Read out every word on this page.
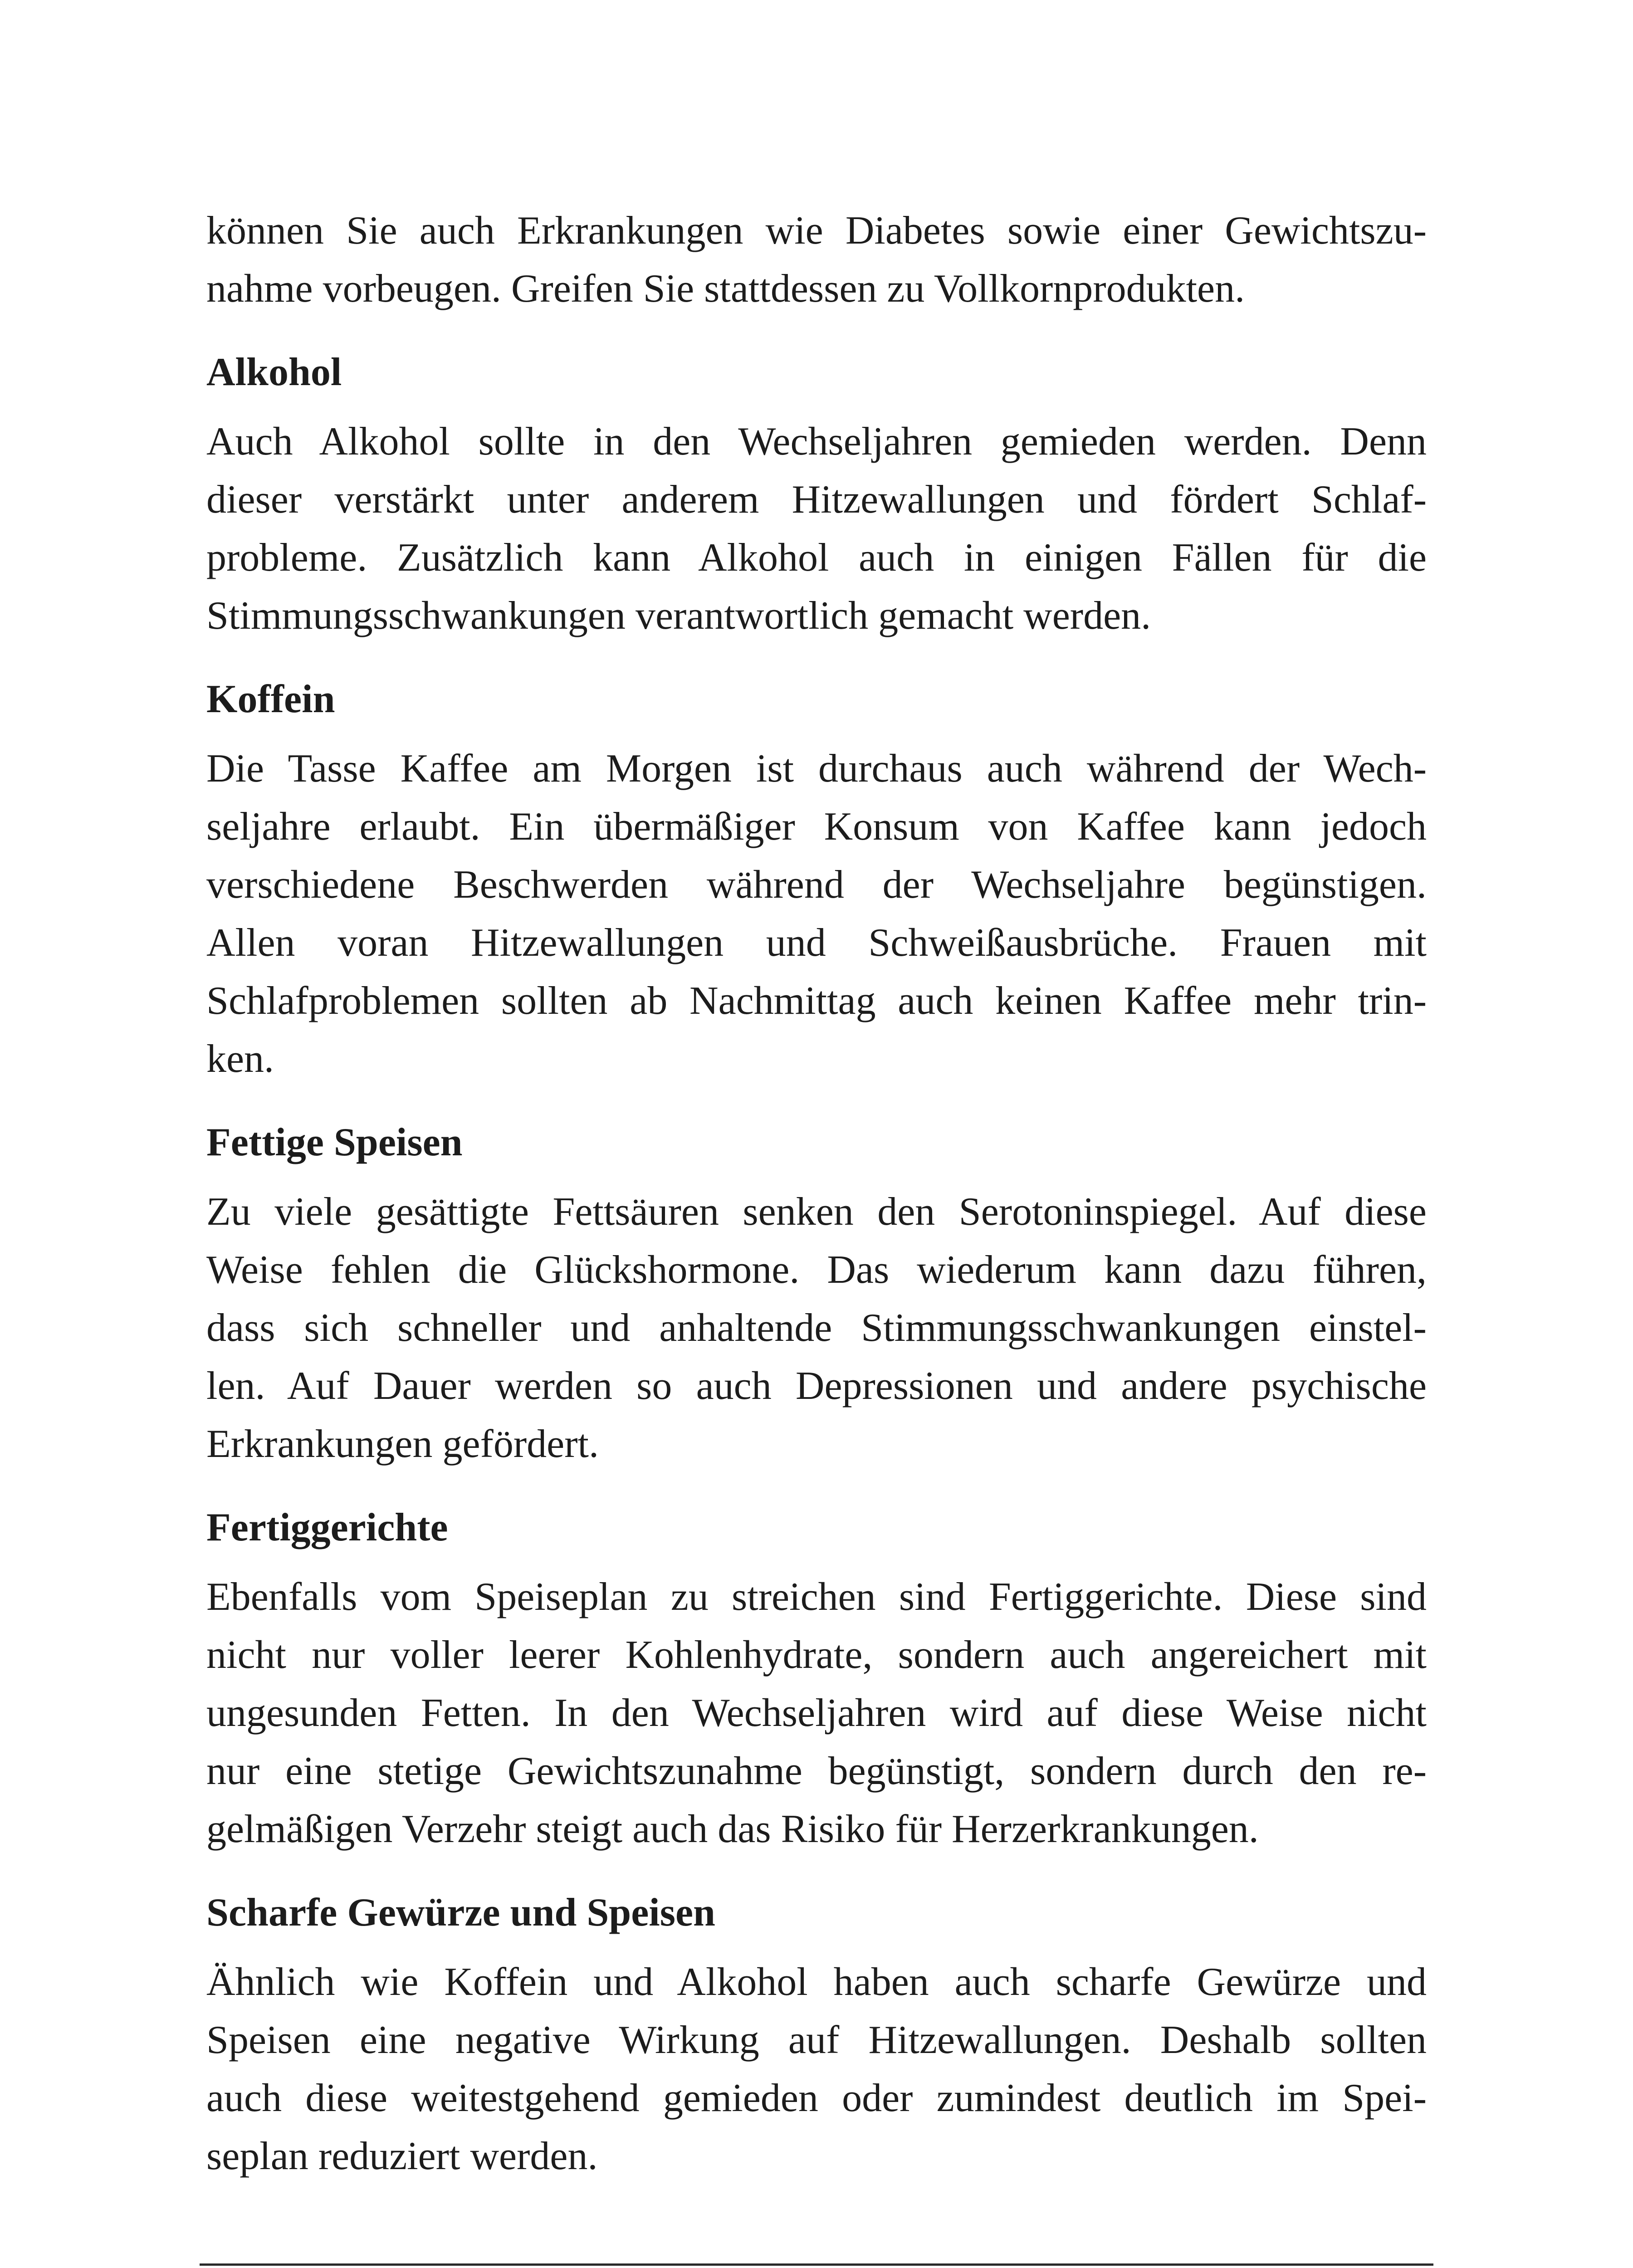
können Sie auch Erkrankungen wie Diabetes sowie einer Gewichtszu-
nahme vorbeugen. Greifen Sie stattdessen zu Vollkornprodukten.
Alkohol
Auch Alkohol sollte in den Wechseljahren gemieden werden. Denn
dieser verstärkt unter anderem Hitzewallungen und fördert Schlaf-
probleme. Zusätzlich kann Alkohol auch in einigen Fällen für die
Stimmungsschwankungen verantwortlich gemacht werden.
Koffein
Die Tasse Kaffee am Morgen ist durchaus auch während der Wech-
seljahre erlaubt. Ein übermäßiger Konsum von Kaffee kann jedoch
verschiedene Beschwerden während der Wechseljahre begünstigen.
Allen voran Hitzewallungen und Schweißausbrüche. Frauen mit
Schlafproblemen sollten ab Nachmittag auch keinen Kaffee mehr trin-
ken.
Fettige Speisen
Zu viele gesättigte Fettsäuren senken den Serotoninspiegel. Auf diese
Weise fehlen die Glückshormone. Das wiederum kann dazu führen,
dass sich schneller und anhaltende Stimmungsschwankungen einstel-
len. Auf Dauer werden so auch Depressionen und andere psychische
Erkrankungen gefördert.
Fertiggerichte
Ebenfalls vom Speiseplan zu streichen sind Fertiggerichte. Diese sind
nicht nur voller leerer Kohlenhydrate, sondern auch angereichert mit
ungesunden Fetten. In den Wechseljahren wird auf diese Weise nicht
nur eine stetige Gewichtszunahme begünstigt, sondern durch den re-
gelmäßigen Verzehr steigt auch das Risiko für Herzerkrankungen.
Scharfe Gewürze und Speisen
Ähnlich wie Koffein und Alkohol haben auch scharfe Gewürze und
Speisen eine negative Wirkung auf Hitzewallungen. Deshalb sollten
auch diese weitestgehend gemieden oder zumindest deutlich im Spei-
seplan reduziert werden.
